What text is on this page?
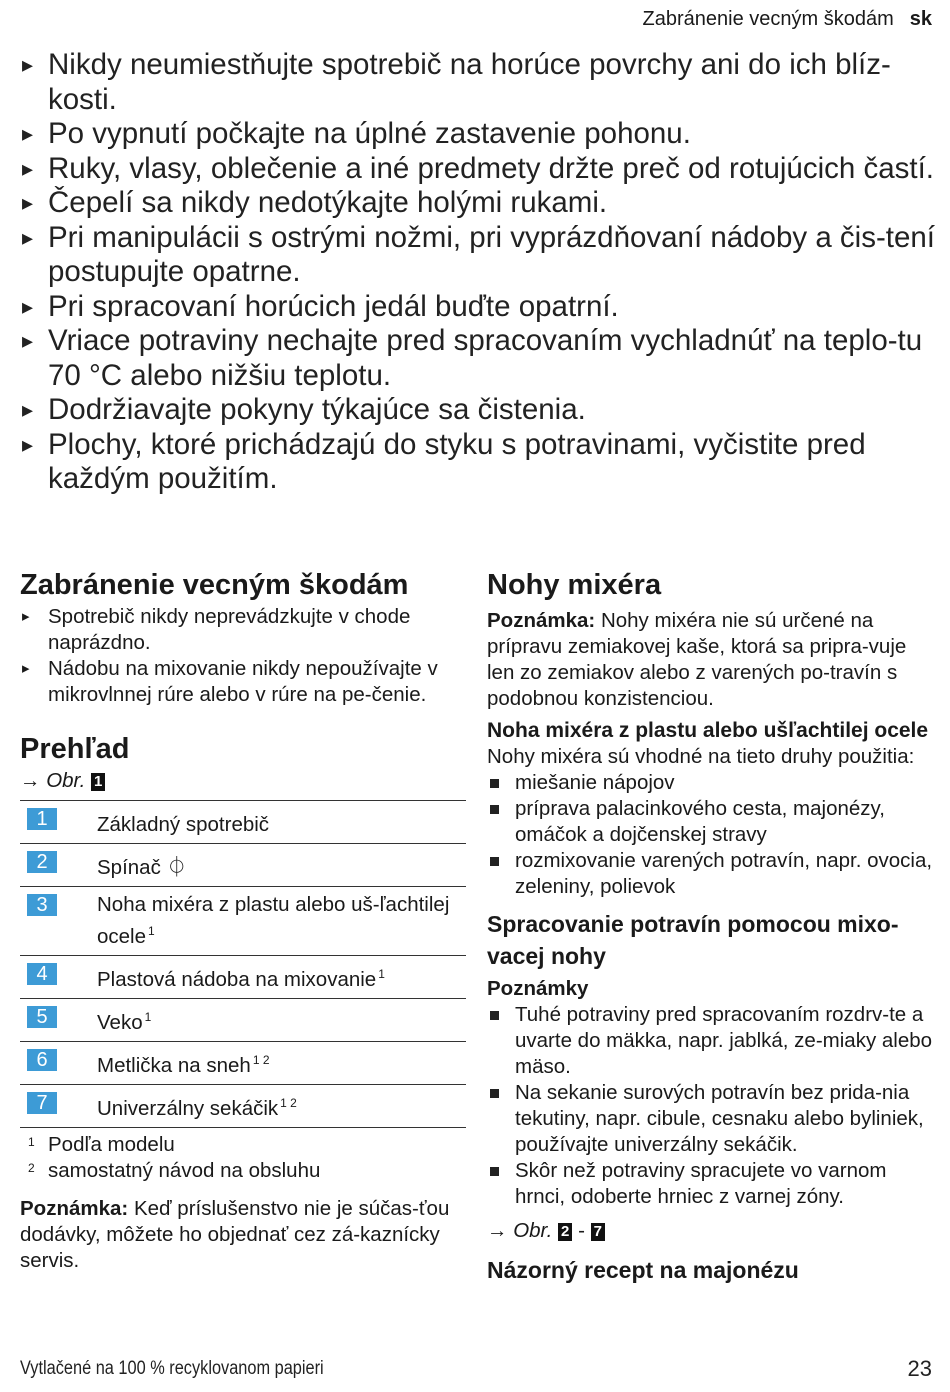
Zabránenie vecným škodám sk
▸ Nikdy neumiestňujte spotrebič na horúce povrchy ani do ich blíz-​kosti.
▸ Po vypnutí počkajte na úplné zastavenie pohonu.
▸ Ruky, vlasy, oblečenie a iné predmety držte preč od rotujúcich častí.
▸ Čepelí sa nikdy nedotýkajte holými rukami.
▸ Pri manipulácii s ostrými nožmi, pri vyprázdňovaní nádoby a čis-​tení postupujte opatrne.
▸ Pri spracovaní horúcich jedál buďte opatrní.
▸ Vriace potraviny nechajte pred spracovaním vychladnúť na teplo-​tu 70 °C alebo nižšiu teplotu.
▸ Dodržiavajte pokyny týkajúce sa čistenia.
▸ Plochy, ktoré prichádzajú do styku s potravinami, vyčistite pred každým použitím.
Zabránenie vecným škodám
▸ Spotrebič nikdy neprevádzkujte v chode naprázdno.
▸ Nádobu na mixovanie nikdy nepoužívajte v mikrovlnnej rúre alebo v rúre na pe-​čenie.
Prehľad
→ Obr. 1
1	Základný spotrebič
2	Spínač ⏀
3	Noha mixéra z plastu alebo uš-​ľachtilej ocele $^1$
4	Plastová nádoba na mixovanie $^1$
5	Veko $^1$
6	Metlička na sneh $^{1 2}$
7	Univerzálny sekáčik $^{1 2}$
1 Podľa modelu
2 samostatný návod na obsluhu

Poznámka: Keď príslušenstvo nie je súčas-​ťou dodávky, môžete ho objednať cez zá-​kaznícky servis.

Nohy mixéra

Poznámka: Nohy mixéra nie sú určené na prípravu zemiakovej kaše, ktorá sa pripra-​vuje len zo zemiakov alebo z varených po-​travín s podobnou konzistenciou.

Noha mixéra z plastu alebo ušľachtilej ocele

Nohy mixéra sú vhodné na tieto druhy použitia:

miešanie nápojov
príprava palacinkového cesta, majonézy, omáčok a dojčenskej stravy
rozmixovanie varených potravín, napr. ovocia, zeleniny, polievok
Spracovanie potravín pomocou mixo-​vacej nohy
Poznámky
Tuhé potraviny pred spracovaním rozdrv-​te a uvarte do mäkka, napr. jablká, ze-​miaky alebo mäso.
Na sekanie surových potravín bez prida-​nia tekutiny, napr. cibule, cesnaku alebo byliniek, používajte univerzálny sekáčik.
Skôr než potraviny spracujete vo varnom hrnci, odoberte hrniec z varnej zóny.
→ Obr. 2 - 7
Názorný recept na majonézu
Vytlačené na 100 % recyklovanom papieri	23
